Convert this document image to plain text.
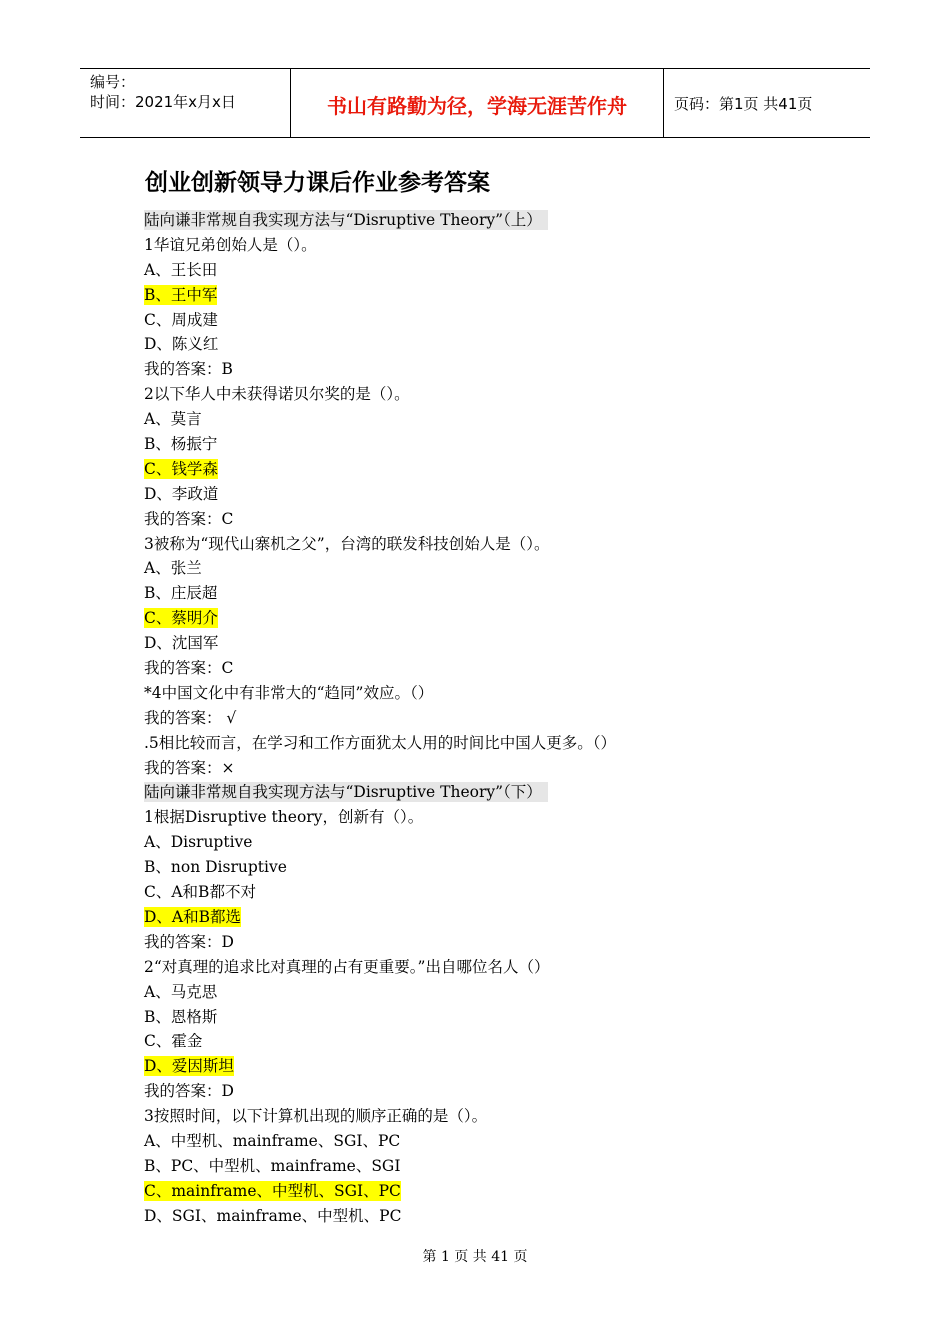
编号：
时间：2021年x月x日	书山有路勤为径，学海无涯苦作舟	页码：第1页 共41页
创业创新领导力课后作业参考答案
陆向谦非常规自我实现方法与“Disruptive Theory”（上）
1华谊兄弟创始人是（）。
A、王长田
B、王中军
C、周成建
D、陈义红
我的答案：B
2以下华人中未获得诺贝尔奖的是（）。
A、莫言
B、杨振宁
C、钱学森
D、李政道
我的答案：C
3被称为“现代山寨机之父”，台湾的联发科技创始人是（）。
A、张兰
B、庄辰超
C、蔡明介
D、沈国军
我的答案：C
*4中国文化中有非常大的“趋同”效应。（）
我的答案： √
.5相比较而言，在学习和工作方面犹太人用的时间比中国人更多。（）
我的答案：×
陆向谦非常规自我实现方法与“Disruptive Theory”（下）
1根据Disruptive theory，创新有（）。
A、Disruptive
B、non Disruptive
C、A和B都不对
D、A和B都选
我的答案：D
2“对真理的追求比对真理的占有更重要。”出自哪位名人（）
A、马克思
B、恩格斯
C、霍金
D、爱因斯坦
我的答案：D
3按照时间，以下计算机出现的顺序正确的是（）。
A、中型机、mainframe、SGI、PC
B、PC、中型机、mainframe、SGI
C、mainframe、中型机、SGI、PC
D、SGI、mainframe、中型机、PC
第 1 页 共 41 页
